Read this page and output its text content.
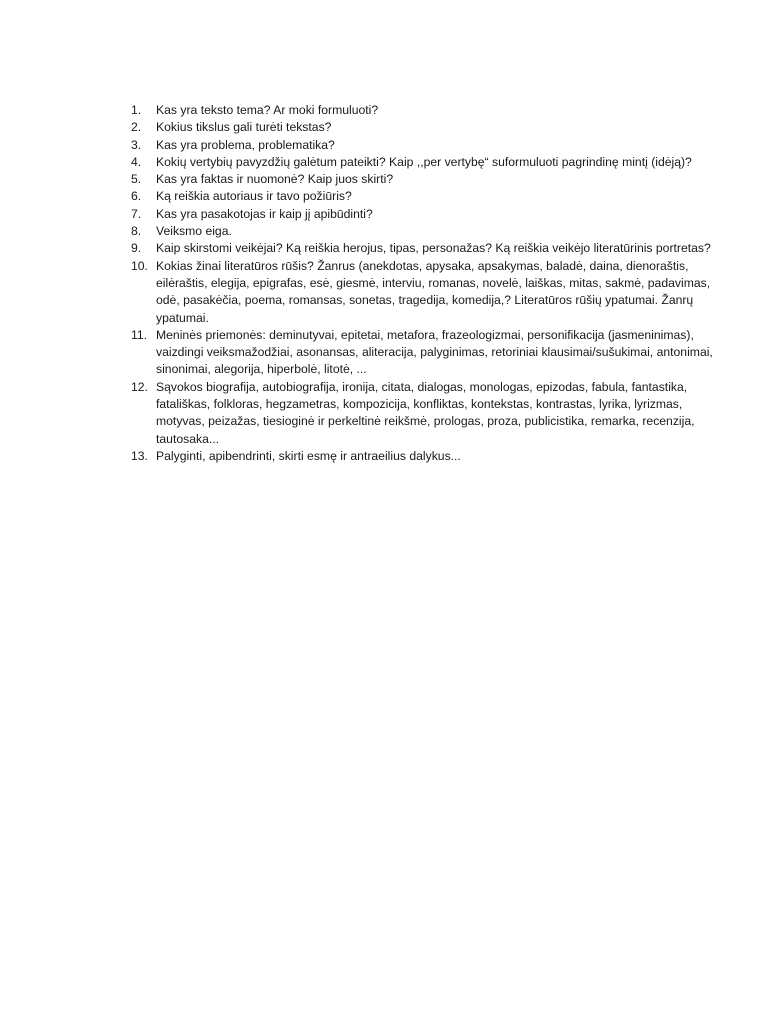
1.	Kas yra teksto tema? Ar moki formuluoti?
2.	Kokius tikslus gali turėti tekstas?
3.	Kas yra problema, problematika?
4.	Kokių vertybių pavyzdžių galėtum pateikti? Kaip ,,per vertybę“ suformuluoti pagrindinę mintį (idėją)?
5.	Kas yra faktas ir nuomonė? Kaip juos skirti?
6.	Ką reiškia autoriaus ir tavo požiūris?
7.	Kas yra pasakotojas ir kaip jį apibūdinti?
8.	Veiksmo eiga.
9.	Kaip skirstomi veikėjai? Ką reiškia herojus, tipas, personažas? Ką reiškia veikėjo literatūrinis portretas?
10. Kokias žinai literatūros rūšis? Žanrus (anekdotas, apysaka, apsakymas, baladė, daina, dienoraštis, eilėraštis, elegija, epigrafas, esė, giesmė, interviu, romanas, novelė, laiškas, mitas, sakmė, padavimas, odė, pasakėčia, poema, romansas, sonetas, tragedija, komedija,? Literatūros rūšių ypatumai. Žanrų ypatumai.
11. Meninės priemonės: deminutyvai, epitetai, metafora, frazeologizmai, personifikacija (jasmeninimas), vaizdingi veiksmažodžiai, asonansas, aliteracija, palyginimas, retoriniai klausimai/sušukimai, antonimai, sinonimai, alegorija, hiperbolė, litotė, ...
12. Sąvokos biografija, autobiografija, ironija, citata, dialogas, monologas, epizodas, fabula, fantastika, fatališkas, folkloras, hegzametras, kompozicija, konfliktas, kontekstas, kontrastas, lyrika, lyrizmas, motyvas, peizažas, tiesioginė ir perkeltinė reikšmė, prologas, proza, publicistika, remarka, recenzija, tautosaka...
13. Palyginti, apibendrinti, skirti esmę ir antraeilius dalykus...
